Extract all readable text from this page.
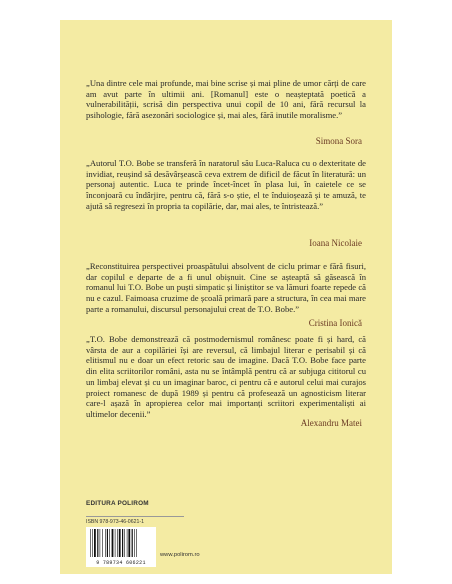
„Una dintre cele mai profunde, mai bine scrise și mai pline de umor cărți de care am avut parte în ultimii ani. [Romanul] este o neașteptată poetică a vulnerabilității, scrisă din perspectiva unui copil de 10 ani, fără recursul la psihologie, fără asezonări sociologice și, mai ales, fără inutile moralisme.”

Simona Sora

„Autorul T.O. Bobe se transferă în naratorul său Luca-Raluca cu o dexteritate de invidiat, reușind să desăvârșească ceva extrem de dificil de făcut în literatură: un personaj autentic. Luca te prinde încet-încet în plasa lui, în caietele ce se înconjoară cu îndârjire, pentru că, fără s-o știe, el te înduioșează și te amuză, te ajută să regresezi în propria ta copilărie, dar, mai ales, te întristează.”

Ioana Nicolaie

„Reconstituirea perspectivei proaspătului absolvent de ciclu primar e fără fisuri, dar copilul e departe de a fi unul obișnuit. Cine se așteaptă să găsească în romanul lui T.O. Bobe un puști simpatic și liniștitor se va lămuri foarte repede că nu e cazul. Faimoasa cruzime de școală primară pare a structura, în cea mai mare parte a romanului, discursul personajului creat de T.O. Bobe.”

Cristina Ionică

„T.O. Bobe demonstrează că postmodernismul românesc poate fi și hard, că vârsta de aur a copilăriei își are reversul, că limbajul literar e perisabil și că elitismul nu e doar un efect retoric sau de imagine. Dacă T.O. Bobe face parte din elita scriitorilor români, asta nu se întâmplă pentru că ar subjuga cititorul cu un limbaj elevat și cu un imaginar baroc, ci pentru că e autorul celui mai curajos proiect romanesc de după 1989 și pentru că profesează un agnosticism literar care-l așază în apropierea celor mai importanți scriitori experimentaliști ai ultimelor decenii.”

Alexandru Matei
EDITURA POLIROM
ISBN 978-973-46-0621-1
9 789734 606221
www.polirom.ro
